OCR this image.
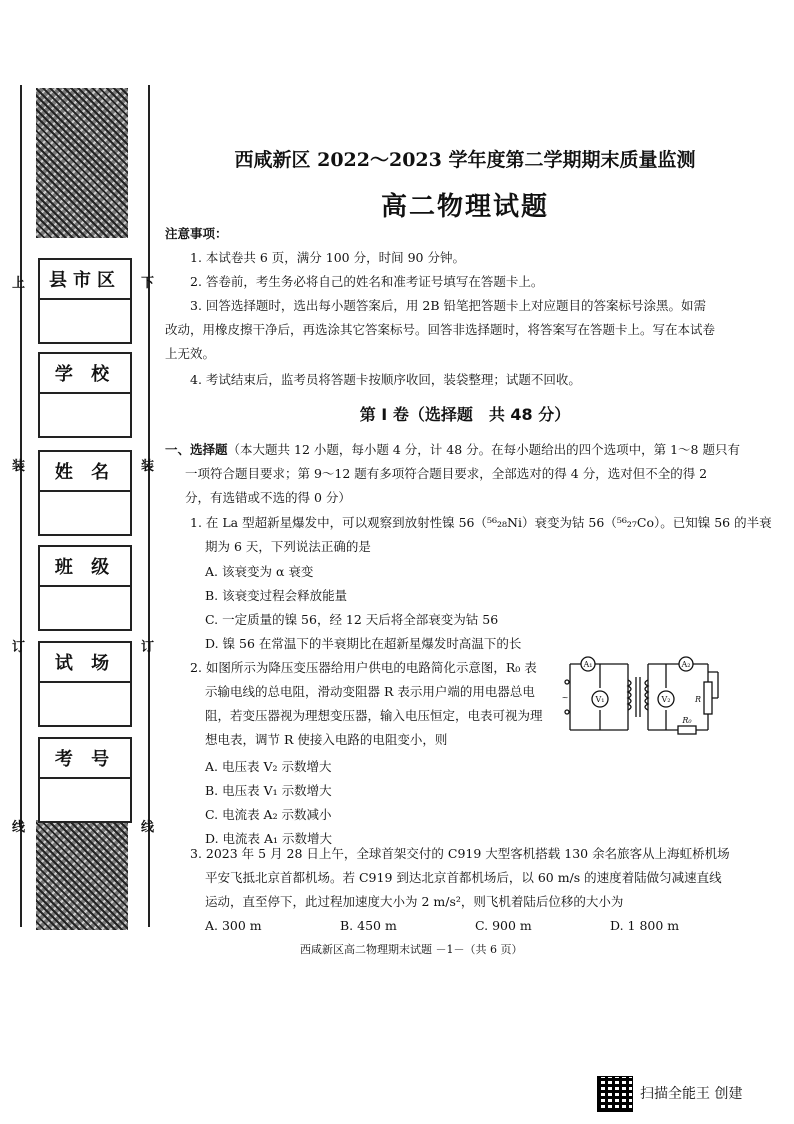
上
装
订
线
下
装
订
线
县市区
学 校
姓 名
班 级
试 场
考 号
西咸新区 2022～2023 学年度第二学期期末质量监测
高二物理试题
注意事项：
1. 本试卷共 6 页，满分 100 分，时间 90 分钟。
2. 答卷前，考生务必将自己的姓名和准考证号填写在答题卡上。
3. 回答选择题时，选出每小题答案后，用 2B 铅笔把答题卡上对应题目的答案标号涂黑。如需
改动，用橡皮擦干净后，再选涂其它答案标号。回答非选择题时，将答案写在答题卡上。写在本试卷
上无效。
4. 考试结束后，监考员将答题卡按顺序收回，装袋整理；试题不回收。
第 Ⅰ 卷（选择题　共 48 分）
一、选择题（本大题共 12 小题，每小题 4 分，计 48 分。在每小题给出的四个选项中，第 1～8 题只有
一项符合题目要求；第 9～12 题有多项符合题目要求，全部选对的得 4 分，选对但不全的得 2
分，有选错或不选的得 0 分）
1. 在 La 型超新星爆发中，可以观察到放射性镍 56（⁵⁶₂₈Ni）衰变为钴 56（⁵⁶₂₇Co）。已知镍 56 的半衰
期为 6 天，下列说法正确的是
A. 该衰变为 α 衰变
B. 该衰变过程会释放能量
C. 一定质量的镍 56，经 12 天后将全部衰变为钴 56
D. 镍 56 在常温下的半衰期比在超新星爆发时高温下的长
2. 如图所示为降压变压器给用户供电的电路简化示意图，R₀ 表
示输电线的总电阻，滑动变阻器 R 表示用户端的用电器总电
阻，若变压器视为理想变压器，输入电压恒定，电表可视为理
想电表，调节 R 使接入电路的电阻变小，则
A. 电压表 V₂ 示数增大
B. 电压表 V₁ 示数增大
C. 电流表 A₂ 示数减小
D. 电流表 A₁ 示数增大
A₁	A₂
V₁	V₂	R
R₀
~
3. 2023 年 5 月 28 日上午，全球首架交付的 C919 大型客机搭载 130 余名旅客从上海虹桥机场
平安飞抵北京首都机场。若 C919 到达北京首都机场后，以 60 m/s 的速度着陆做匀减速直线
运动，直至停下，此过程加速度大小为 2 m/s²，则飞机着陆后位移的大小为
A. 300 m	B. 450 m	C. 900 m	D. 1 800 m
西咸新区高二物理期末试题 －1－（共 6 页）
扫描全能王 创建
